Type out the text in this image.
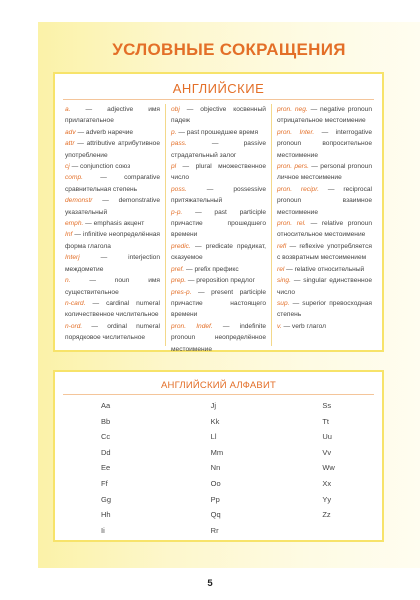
УСЛОВНЫЕ СОКРАЩЕНИЯ
АНГЛИЙСКИЕ
a. — adjective имя прилагательное
adv — adverb наречие
attr — attributive атрибутивное употребление
cj — conjunction союз
comp. — comparative сравнительная степень
demonstr — demonstrative указательный
emph. — emphasis акцент
Inf — infinitive неопределённая форма глагола
Interj — interjection междометие
n. — noun имя существительное
n-card. — cardinal numeral количественное числительное
n-ord. — ordinal numeral порядковое числительное
obj — objective косвенный падеж
p. — past прошедшее время
pass. — passive страдательный залог
pl — plural множественное число
poss. — possessive притяжательный
p-p. — past participle причастие прошедшего времени
predic. — predicate предикат, сказуемое
pref. — prefix префикс
prep. — preposition предлог
pres-p. — present participle причастие настоящего времени
pron. Indef. — indefinite pronoun неопределённое местоимение
pron. neg. — negative pronoun отрицательное местоимение
pron. Inter. — interrogative pronoun вопросительное местоимение
pron. pers. — personal pronoun личное местоимение
pron. recipr. — reciprocal pronoun взаимное местоимение
pron. rel. — relative pronoun относительное местоимение
refl — reflexive употребляется с возвратным местоимением
rel — relative относительный
sing. — singular единственное число
sup. — superior превосходная степень
v. — verb глагол
АНГЛИЙСКИЙ АЛФАВИТ
Aa	Jj	Ss
Bb	Kk	Tt
Cc	Ll	Uu
Dd	Mm	Vv
Ee	Nn	Ww
Ff	Oo	Xx
Gg	Pp	Yy
Hh	Qq	Zz
Ii	Rr
5
